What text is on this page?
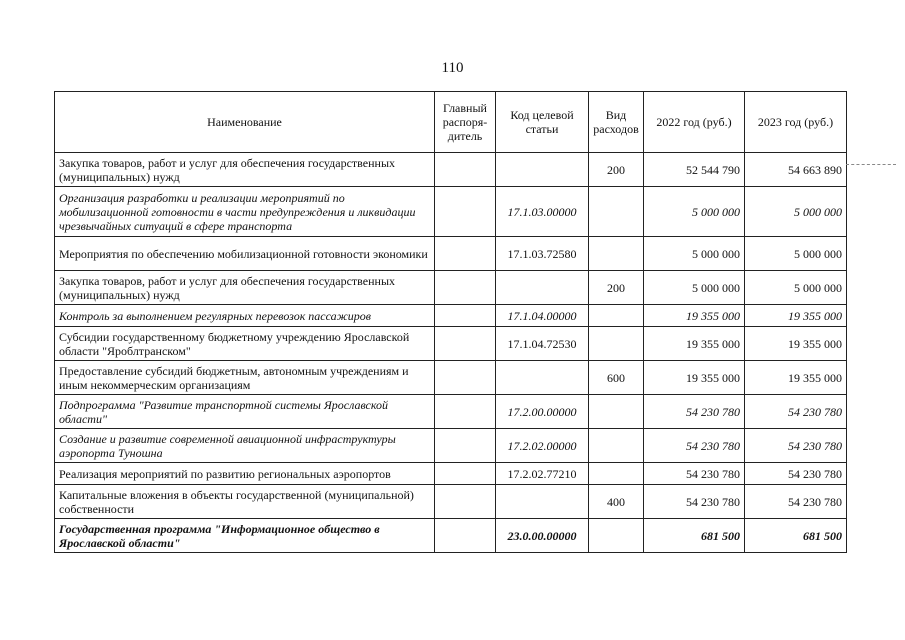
110
Наименование	Главный распоря-дитель	Код целевой статьи	Вид расходов	2022 год (руб.)	2023 год (руб.)
Закупка товаров, работ и услуг для обеспечения государственных (муниципальных) нужд			200	52 544 790	54 663 890
Организация разработки и реализации мероприятий по мобилизационной готовности в части предупреждения и ликвидации чрезвычайных ситуаций в сфере транспорта		17.1.03.00000		5 000 000	5 000 000
Мероприятия по обеспечению мобилизационной готовности экономики		17.1.03.72580		5 000 000	5 000 000
Закупка товаров, работ и услуг для обеспечения государственных (муниципальных) нужд			200	5 000 000	5 000 000
Контроль за выполнением регулярных перевозок пассажиров		17.1.04.00000		19 355 000	19 355 000
Субсидии государственному бюджетному учреждению Ярославской области "Яроблтранском"		17.1.04.72530		19 355 000	19 355 000
Предоставление субсидий бюджетным, автономным учреждениям и иным некоммерческим организациям			600	19 355 000	19 355 000
Подпрограмма "Развитие транспортной системы Ярославской области"		17.2.00.00000		54 230 780	54 230 780
Создание и развитие современной авиационной инфраструктуры аэропорта Туношна		17.2.02.00000		54 230 780	54 230 780
Реализация мероприятий по развитию региональных аэропортов		17.2.02.77210		54 230 780	54 230 780
Капитальные вложения в объекты государственной (муниципальной) собственности			400	54 230 780	54 230 780
Государственная программа "Информационное общество в Ярославской области"		23.0.00.00000		681 500	681 500
